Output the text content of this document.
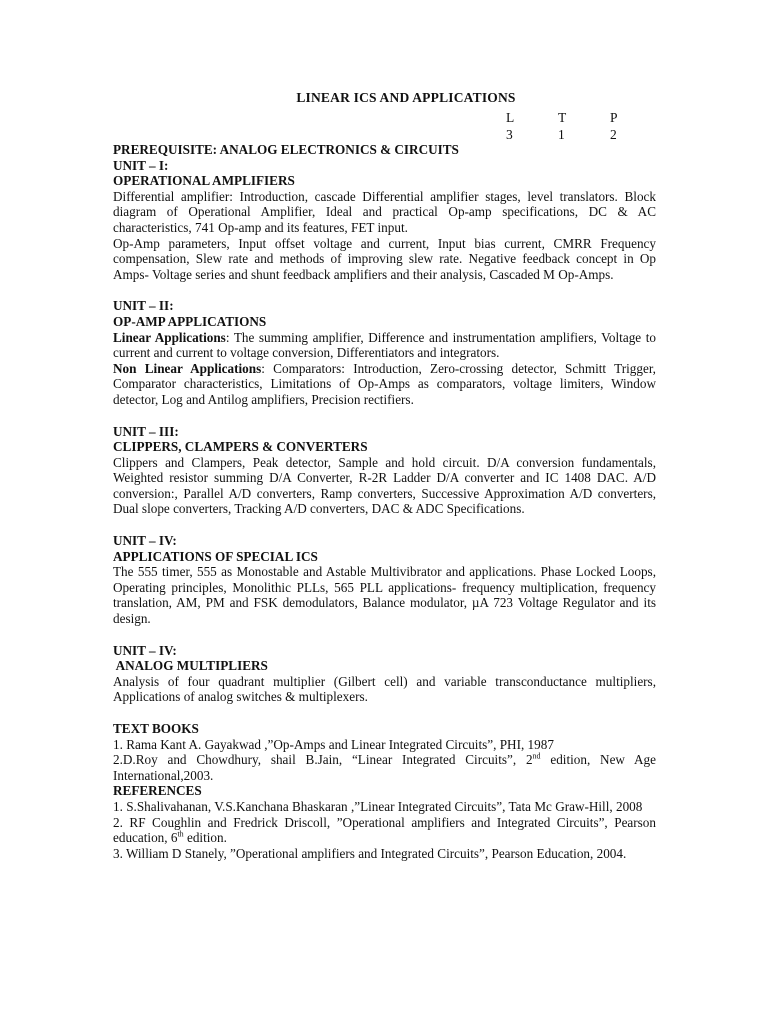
LINEAR ICS AND APPLICATIONS
L	T	P
3	1	2

PREREQUISITE: ANALOG ELECTRONICS & CIRCUITS

UNIT – I:

OPERATIONAL AMPLIFIERS

Differential amplifier: Introduction, cascade Differential amplifier stages, level translators. Block diagram of Operational Amplifier, Ideal and practical Op-amp specifications, DC & AC characteristics, 741 Op-amp and its features, FET input.

Op-Amp parameters, Input offset voltage and current, Input bias current, CMRR Frequency compensation, Slew rate and methods of improving slew rate. Negative feedback concept in Op Amps- Voltage series and shunt feedback amplifiers and their analysis, Cascaded M Op-Amps.

UNIT – II:

OP-AMP APPLICATIONS

Linear Applications: The summing amplifier, Difference and instrumentation amplifiers, Voltage to current and current to voltage conversion, Differentiators and integrators.

Non Linear Applications: Comparators: Introduction, Zero-crossing detector, Schmitt Trigger, Comparator characteristics, Limitations of Op-Amps as comparators, voltage limiters, Window detector, Log and Antilog amplifiers, Precision rectifiers.

UNIT – III:

CLIPPERS, CLAMPERS & CONVERTERS

Clippers and Clampers, Peak detector, Sample and hold circuit. D/A conversion fundamentals, Weighted resistor summing D/A Converter, R-2R Ladder D/A converter and IC 1408 DAC. A/D conversion:, Parallel A/D converters, Ramp converters, Successive Approximation A/D converters, Dual slope converters, Tracking A/D converters, DAC & ADC Specifications.

UNIT – IV:

APPLICATIONS OF SPECIAL ICS

The 555 timer, 555 as Monostable and Astable Multivibrator and applications. Phase Locked Loops, Operating principles, Monolithic PLLs, 565 PLL applications- frequency multiplication, frequency translation, AM, PM and FSK demodulators, Balance modulator, µA 723 Voltage Regulator and its design.

UNIT – IV:

ANALOG MULTIPLIERS

Analysis of four quadrant multiplier (Gilbert cell) and variable transconductance multipliers, Applications of analog switches & multiplexers.

TEXT BOOKS

1. Rama Kant A. Gayakwad ,”Op-Amps and Linear Integrated Circuits”, PHI, 1987

2.D.Roy and Chowdhury, shail B.Jain, “Linear Integrated Circuits”, 2nd edition, New Age International,2003.

REFERENCES

1. S.Shalivahanan, V.S.Kanchana Bhaskaran ,”Linear Integrated Circuits”, Tata Mc Graw-Hill, 2008

2. RF Coughlin and Fredrick Driscoll, ”Operational amplifiers and Integrated Circuits”, Pearson education, 6th edition.

3. William D Stanely, ”Operational amplifiers and Integrated Circuits”, Pearson Education, 2004.
